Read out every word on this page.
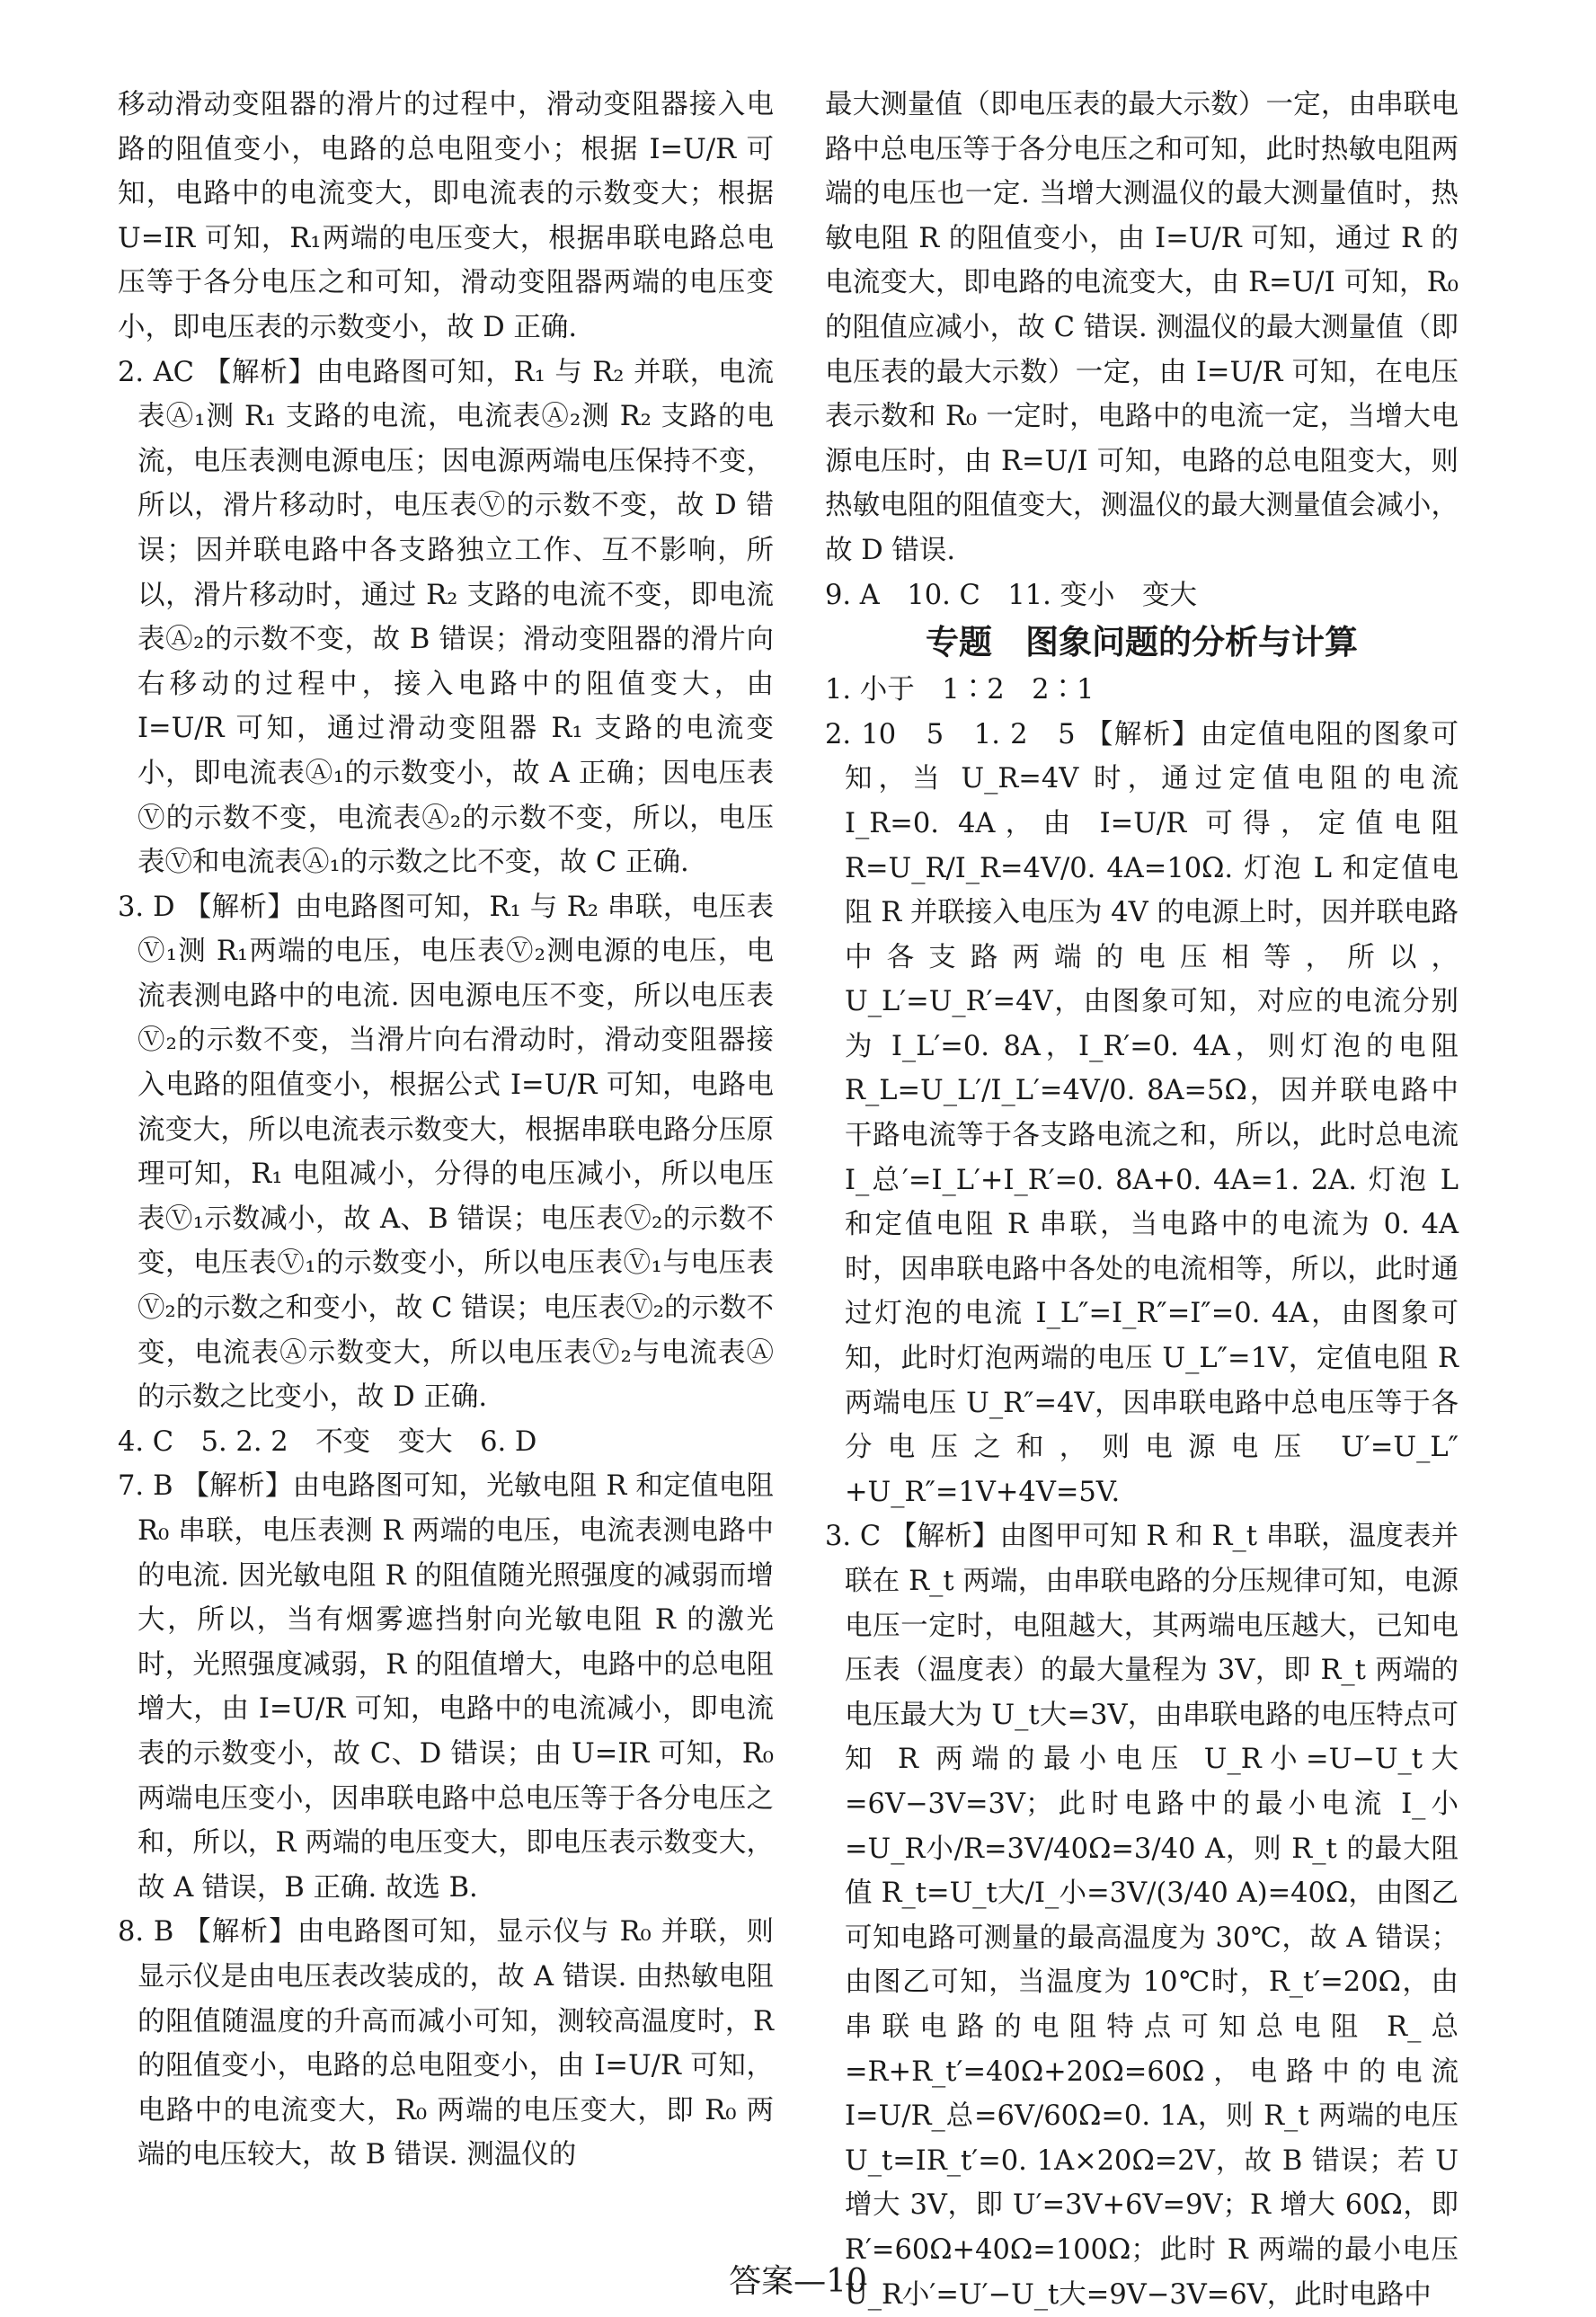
移动滑动变阻器的滑片的过程中，滑动变阻器接入电路的阻值变小，电路的总电阻变小；根据 I=U/R 可知，电路中的电流变大，即电流表的示数变大；根据U=IR 可知，R₁两端的电压变大，根据串联电路总电压等于各分电压之和可知，滑动变阻器两端的电压变小，即电压表的示数变小，故 D 正确.

2. AC 【解析】由电路图可知，R₁ 与 R₂ 并联，电流表Ⓐ₁测 R₁ 支路的电流，电流表Ⓐ₂测 R₂ 支路的电流，电压表测电源电压；因电源两端电压保持不变，所以，滑片移动时，电压表Ⓥ的示数不变，故 D 错误；因并联电路中各支路独立工作、互不影响，所以，滑片移动时，通过 R₂ 支路的电流不变，即电流表Ⓐ₂的示数不变，故 B 错误；滑动变阻器的滑片向右移动的过程中，接入电路中的阻值变大，由 I=U/R 可知，通过滑动变阻器 R₁ 支路的电流变小，即电流表Ⓐ₁的示数变小，故 A 正确；因电压表Ⓥ的示数不变，电流表Ⓐ₂的示数不变，所以，电压表Ⓥ和电流表Ⓐ₁的示数之比不变，故 C 正确.

3. D 【解析】由电路图可知，R₁ 与 R₂ 串联，电压表Ⓥ₁测 R₁两端的电压，电压表Ⓥ₂测电源的电压，电流表测电路中的电流. 因电源电压不变，所以电压表Ⓥ₂的示数不变，当滑片向右滑动时，滑动变阻器接入电路的阻值变小，根据公式 I=U/R 可知，电路电流变大，所以电流表示数变大，根据串联电路分压原理可知，R₁ 电阻减小，分得的电压减小，所以电压表Ⓥ₁示数减小，故 A、B 错误；电压表Ⓥ₂的示数不变，电压表Ⓥ₁的示数变小，所以电压表Ⓥ₁与电压表Ⓥ₂的示数之和变小，故 C 错误；电压表Ⓥ₂的示数不变，电流表Ⓐ示数变大，所以电压表Ⓥ₂与电流表Ⓐ的示数之比变小，故 D 正确.

4. C　5. 2. 2　不变　变大　6. D

7. B 【解析】由电路图可知，光敏电阻 R 和定值电阻 R₀ 串联，电压表测 R 两端的电压，电流表测电路中的电流. 因光敏电阻 R 的阻值随光照强度的减弱而增大，所以，当有烟雾遮挡射向光敏电阻 R 的激光时，光照强度减弱，R 的阻值增大，电路中的总电阻增大，由 I=U/R 可知，电路中的电流减小，即电流表的示数变小，故 C、D 错误；由 U=IR 可知，R₀ 两端电压变小，因串联电路中总电压等于各分电压之和，所以，R 两端的电压变大，即电压表示数变大，故 A 错误，B 正确. 故选 B.

8. B 【解析】由电路图可知，显示仪与 R₀ 并联，则显示仪是由电压表改装成的，故 A 错误. 由热敏电阻的阻值随温度的升高而减小可知，测较高温度时，R 的阻值变小，电路的总电阻变小，由 I=U/R 可知，电路中的电流变大，R₀ 两端的电压变大，即 R₀ 两端的电压较大，故 B 错误. 测温仪的

最大测量值（即电压表的最大示数）一定，由串联电路中总电压等于各分电压之和可知，此时热敏电阻两端的电压也一定. 当增大测温仪的最大测量值时，热敏电阻 R 的阻值变小，由 I=U/R 可知，通过 R 的电流变大，即电路的电流变大，由 R=U/I 可知，R₀ 的阻值应减小，故 C 错误. 测温仪的最大测量值（即电压表的最大示数）一定，由 I=U/R 可知，在电压表示数和 R₀ 一定时，电路中的电流一定，当增大电源电压时，由 R=U/I 可知，电路的总电阻变大，则热敏电阻的阻值变大，测温仪的最大测量值会减小，故 D 错误.

9. A　10. C　11. 变小　变大

专题　图象问题的分析与计算

1. 小于　1∶2　2∶1

2. 10　5　1. 2　5 【解析】由定值电阻的图象可知，当 U_R=4V 时，通过定值电阻的电流 I_R=0. 4A，由 I=U/R 可得，定值电阻 R=U_R/I_R=4V/0. 4A=10Ω. 灯泡 L 和定值电阻 R 并联接入电压为 4V 的电源上时，因并联电路中各支路两端的电压相等，所以，U_L′=U_R′=4V，由图象可知，对应的电流分别为 I_L′=0. 8A，I_R′=0. 4A，则灯泡的电阻 R_L=U_L′/I_L′=4V/0. 8A=5Ω，因并联电路中干路电流等于各支路电流之和，所以，此时总电流 I_总′=I_L′+I_R′=0. 8A+0. 4A=1. 2A. 灯泡 L 和定值电阻 R 串联，当电路中的电流为 0. 4A 时，因串联电路中各处的电流相等，所以，此时通过灯泡的电流 I_L″=I_R″=I″=0. 4A，由图象可知，此时灯泡两端的电压 U_L″=1V，定值电阻 R 两端电压 U_R″=4V，因串联电路中总电压等于各分电压之和，则电源电压 U′=U_L″+U_R″=1V+4V=5V.

3. C 【解析】由图甲可知 R 和 R_t 串联，温度表并联在 R_t 两端，由串联电路的分压规律可知，电源电压一定时，电阻越大，其两端电压越大，已知电压表（温度表）的最大量程为 3V，即 R_t 两端的电压最大为 U_t大=3V，由串联电路的电压特点可知 R 两端的最小电压 U_R小=U−U_t大=6V−3V=3V；此时电路中的最小电流 I_小=U_R小/R=3V/40Ω=3/40 A，则 R_t 的最大阻值 R_t=U_t大/I_小=3V/(3/40 A)=40Ω，由图乙可知电路可测量的最高温度为 30℃，故 A 错误；由图乙可知，当温度为 10℃时，R_t′=20Ω，由串联电路的电阻特点可知总电阻 R_总=R+R_t′=40Ω+20Ω=60Ω，电路中的电流 I=U/R_总=6V/60Ω=0. 1A，则 R_t 两端的电压 U_t=IR_t′=0. 1A×20Ω=2V，故 B 错误；若 U 增大 3V，即 U′=3V+6V=9V；R 增大 60Ω，即 R′=60Ω+40Ω=100Ω；此时 R 两端的最小电压 U_R小′=U′−U_t大=9V−3V=6V，此时电路中

答案—10
